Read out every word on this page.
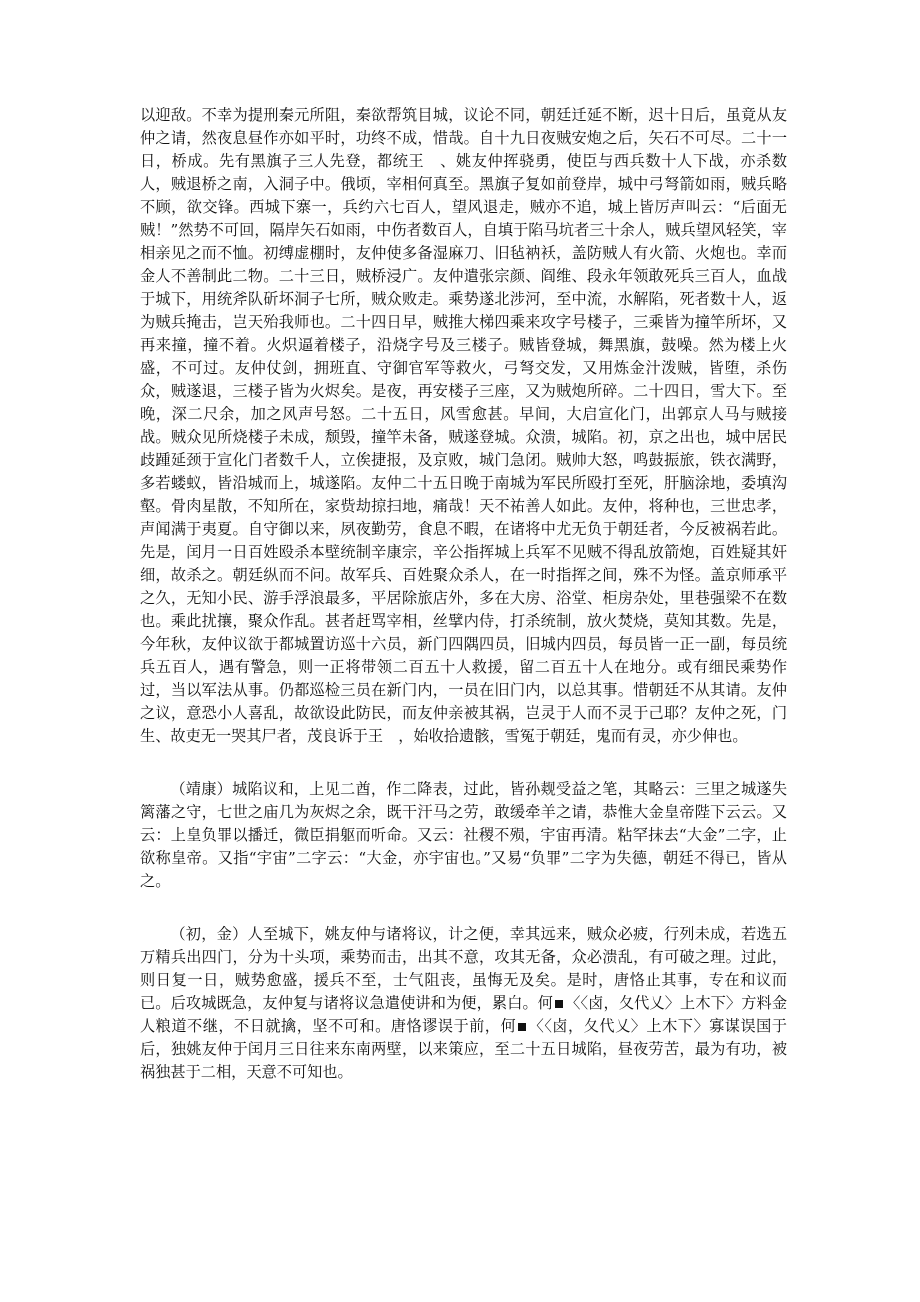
以迎敌。不幸为提刑秦元所阻，秦欲帮筑目城，议论不同，朝廷迁延不断，迟十日后，虽竟从友仲之请，然夜息昼作亦如平时，功终不成，惜哉。自十九日夜贼安炮之后，矢石不可尽。二十一日，桥成。先有黑旗子三人先登，都统王　、姚友仲挥骁勇，使臣与西兵数十人下战，亦杀数人，贼退桥之南，入洞子中。俄顷，宰相何真至。黑旗子复如前登岸，城中弓弩箭如雨，贼兵略不顾，欲交锋。西城下寨一，兵约六七百人，望风退走，贼亦不追，城上皆厉声叫云：“后面无贼！”然势不可回，隔岸矢石如雨，中伤者数百人，自填于陷马坑者三十余人，贼兵望风轻笑，宰相亲见之而不恤。初缚虚棚时，友仲使多备湿麻刀、旧毡衲袄，盖防贼人有火箭、火炮也。幸而金人不善制此二物。二十三日，贼桥浸广。友仲遣张宗颜、阎维、段永年领敢死兵三百人，血战于城下，用统斧队斫坏洞子七所，贼众败走。乘势遂北涉河，至中流，水解陷，死者数十人，返为贼兵掩击，岂天殆我师也。二十四日早，贼推大梯四乘来攻字号楼子，三乘皆为撞竿所坏，又再来撞，撞不着。火炽逼着楼子，沿烧字号及三楼子。贼皆登城，舞黑旗，鼓噪。然为楼上火盛，不可过。友仲仗剑，拥班直、守御官军等救火，弓弩交发，又用炼金汁泼贼，皆堕，杀伤众，贼遂退，三楼子皆为火烬矣。是夜，再安楼子三座，又为贼炮所碎。二十四日，雪大下。至晚，深二尺余，加之风声号怒。二十五日，风雪愈甚。早间，大启宣化门，出郭京人马与贼接战。贼众见所烧楼子未成，颓毁，撞竿未备，贼遂登城。众溃，城陷。初，京之出也，城中居民歧踵延颈于宣化门者数千人，立俟捷报，及京败，城门急闭。贼帅大怒，鸣鼓振旅，铁衣满野，多若蝼蚁，皆沿城而上，城遂陷。友仲二十五日晚于南城为军民所殴打至死，肝脑涂地，委填沟壑。骨肉星散，不知所在，家赀劫掠扫地，痛哉！天不祐善人如此。友仲，将种也，三世忠孝，声闻满于夷夏。自守御以来，夙夜勤劳，食息不暇，在诸将中尤无负于朝廷者，今反被祸若此。先是，闰月一日百姓殴杀本壁统制辛康宗，辛公指挥城上兵军不见贼不得乱放箭炮，百姓疑其奸细，故杀之。朝廷纵而不问。故军兵、百姓聚众杀人，在一时指挥之间，殊不为怪。盖京师承平之久，无知小民、游手浮浪最多，平居除旅店外，多在大房、浴堂、柜房杂处，里巷强梁不在数也。乘此扰攘，聚众作乱。甚者赶骂宰相，丝擘内侍，打杀统制，放火焚烧，莫知其数。先是，今年秋，友仲议欲于都城置访巡十六员，新门四隅四员，旧城内四员，每员皆一正一副，每员统兵五百人，遇有警急，则一正将带领二百五十人救援，留二百五十人在地分。或有细民乘势作过，当以军法从事。仍都巡检三员在新门内，一员在旧门内，以总其事。惜朝廷不从其请。友仲之议，意恐小人喜乱，故欲设此防民，而友仲亲被其祸，岂灵于人而不灵于己耶？友仲之死，门生、故吏无一哭其尸者，茂良诉于王　，始收拾遗骸，雪冤于朝廷，鬼而有灵，亦少伸也。

（靖康）城陷议和，上见二酋，作二降表，过此，皆孙觌受益之笔，其略云：三里之城遂失篱藩之守，七世之庙几为灰烬之余，既干汗马之劳，敢缓牵羊之请，恭惟大金皇帝陛下云云。又云：上皇负罪以播迁，微臣捐躯而听命。又云：社稷不殒，宇宙再清。粘罕抹去“大金”二字，止欲称皇帝。又指“宇宙”二字云：“大金，亦宇宙也。”又易“负罪”二字为失德，朝廷不得已，皆从之。

（初，金）人至城下，姚友仲与诸将议，计之便，幸其远来，贼众必疲，行列未成，若选五万精兵出四门，分为十头项，乘势而击，出其不意，攻其无备，众必溃乱，有可破之理。过此，则日复一日，贼势愈盛，援兵不至，士气阻丧，虽悔无及矣。是时，唐恪止其事，专在和议而已。后攻城既急，友仲复与诸将议急遣使讲和为便，累白。何 〈〈卤，夂代乂〉上木下〉方料金人粮道不继，不日就擒，坚不可和。唐恪谬误于前，何 〈〈卤，夂代乂〉上木下〉寡谋误国于后，独姚友仲于闰月三日往来东南两壁，以来策应，至二十五日城陷，昼夜劳苦，最为有功，被祸独甚于二相，天意不可知也。
